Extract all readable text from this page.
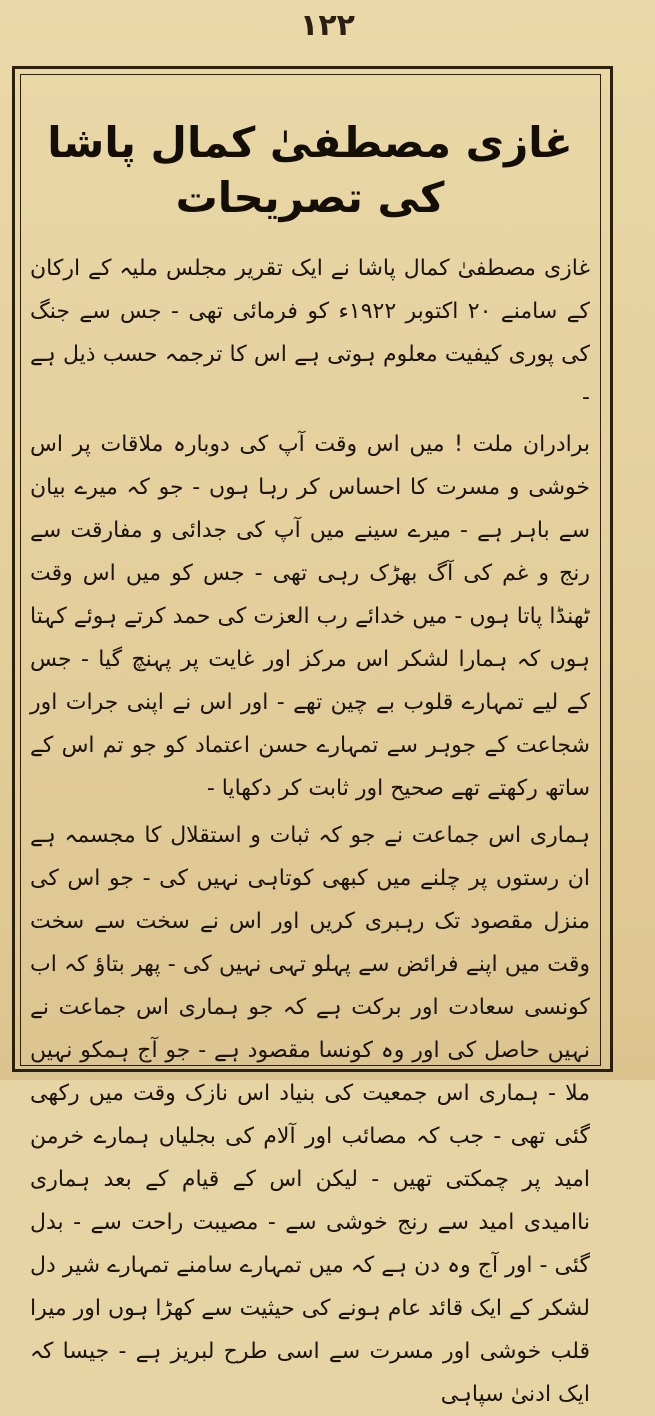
۱۲۲
غازی مصطفیٰ کمال پاشا کی تصریحات

غازی مصطفیٰ کمال پاشا نے ایک تقریر مجلس ملیہ کے ارکان کے سامنے ۲۰ اکتوبر ۱۹۲۲ء کو فرمائی تھی - جس سے جنگ کی پوری کیفیت معلوم ہوتی ہے اس کا ترجمہ حسب ذیل ہے -

برادران ملت ! میں اس وقت آپ کی دوبارہ ملاقات پر اس خوشی و مسرت کا احساس کر رہا ہوں - جو کہ میرے بیان سے باہر ہے - میرے سینے میں آپ کی جدائی و مفارقت سے رنج و غم کی آگ بھڑک رہی تھی - جس کو میں اس وقت ٹھنڈا پاتا ہوں - میں خدائے رب العزت کی حمد کرتے ہوئے کہتا ہوں کہ ہمارا لشکر اس مرکز اور غایت پر پہنچ گیا - جس کے لیے تمہارے قلوب بے چین تھے - اور اس نے اپنی جرات اور شجاعت کے جوہر سے تمہارے حسن اعتماد کو جو تم اس کے ساتھ رکھتے تھے صحیح اور ثابت کر دکھایا -

ہماری اس جماعت نے جو کہ ثبات و استقلال کا مجسمہ ہے ان رستوں پر چلنے میں کبھی کوتاہی نہیں کی - جو اس کی منزل مقصود تک رہبری کریں اور اس نے سخت سے سخت وقت میں اپنے فرائض سے پہلو تہی نہیں کی - پھر بتاؤ کہ اب کونسی سعادت اور برکت ہے کہ جو ہماری اس جماعت نے نہیں حاصل کی اور وہ کونسا مقصود ہے - جو آج ہمکو نہیں ملا - ہماری اس جمعیت کی بنیاد اس نازک وقت میں رکھی گئی تھی - جب کہ مصائب اور آلام کی بجلیاں ہمارے خرمن امید پر چمکتی تھیں - لیکن اس کے قیام کے بعد ہماری ناامیدی امید سے رنج خوشی سے - مصیبت راحت سے - بدل گئی - اور آج وہ دن ہے کہ میں تمہارے سامنے تمہارے شیر دل لشکر کے ایک قائد عام ہونے کی حیثیت سے کھڑا ہوں اور میرا قلب خوشی اور مسرت سے اسی طرح لبریز ہے - جیسا کہ ایک ادنیٰ سپاہی
